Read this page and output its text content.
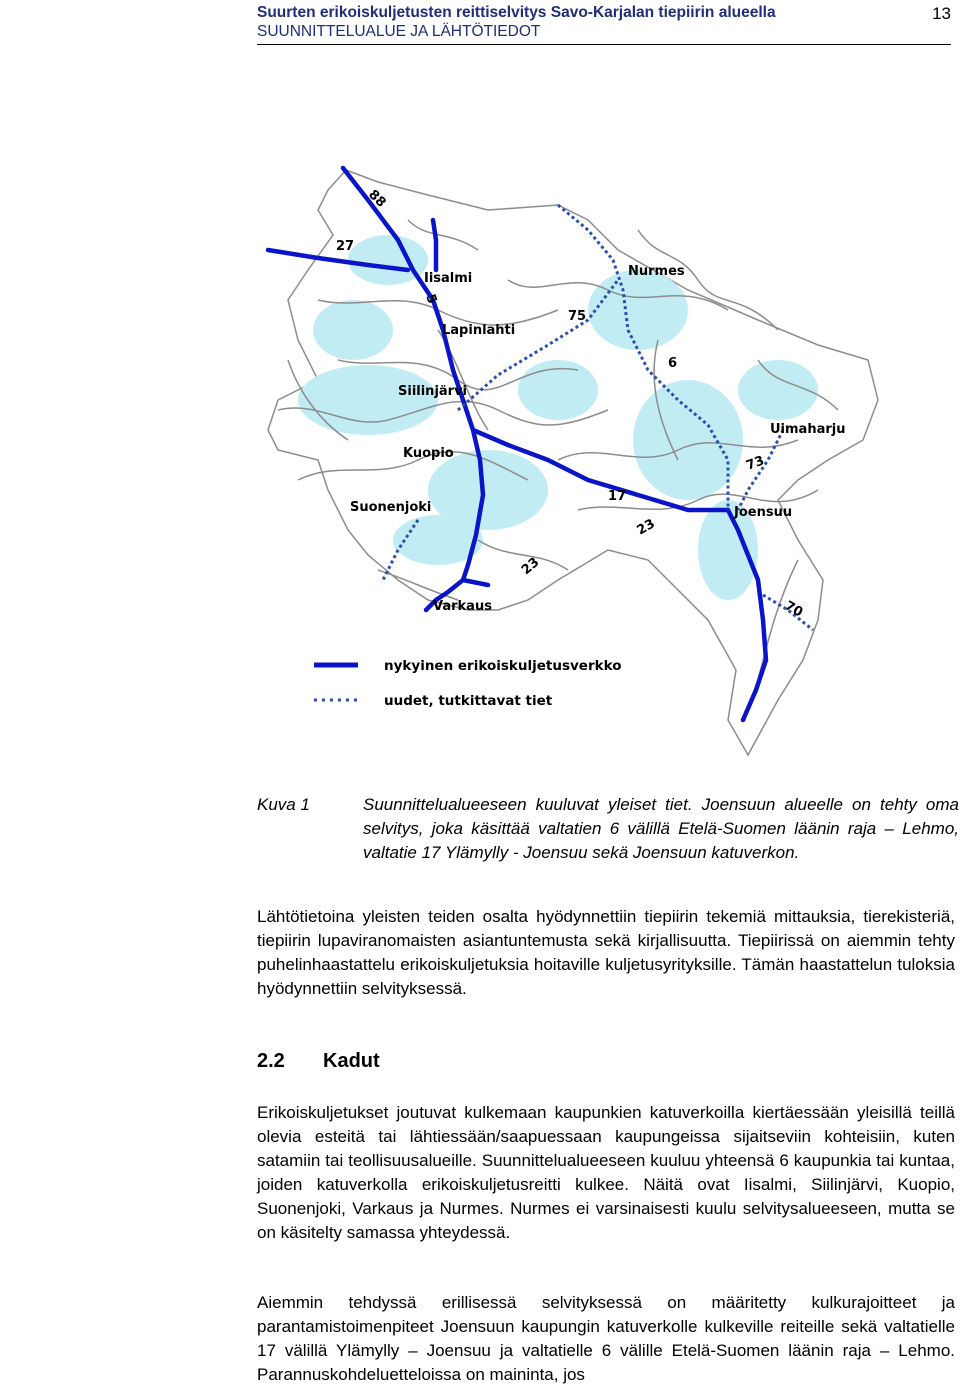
Suurten erikoiskuljetusten reittiselvitys Savo-Karjalan tiepiirin alueella
SUUNNITTELUALUE JA LÄHTÖTIEDOT
13
Iisalmi
Lapinlahti
Siilinjärvi
Kuopio
Suonenjoki
Varkaus
Nurmes
Uimaharju
Joensuu
88
27
5
75
6
73
17
23
23
70
nykyinen erikoiskuljetusverkko
uudet, tutkittavat tiet
Kuva 1	Suunnittelualueeseen kuuluvat yleiset tiet. Joensuun alueelle on tehty oma selvitys, joka käsittää valtatien 6 välillä Etelä-Suomen läänin raja – Lehmo, valtatie 17 Ylämylly - Joensuu sekä Joensuun katuverkon.
Lähtötietoina yleisten teiden osalta hyödynnettiin tiepiirin tekemiä mittauksia, tierekisteriä, tiepiirin lupaviranomaisten asiantuntemusta sekä kirjallisuutta. Tiepiirissä on aiemmin tehty puhelinhaastattelu erikoiskuljetuksia hoitaville kuljetusyrityksille. Tämän haastattelun tuloksia hyödynnettiin selvityksessä.
2.2 Kadut
Erikoiskuljetukset joutuvat kulkemaan kaupunkien katuverkoilla kiertäessään yleisillä teillä olevia esteitä tai lähtiessään/saapuessaan kaupungeissa sijaitseviin kohteisiin, kuten satamiin tai teollisuusalueille. Suunnittelualueeseen kuuluu yhteensä 6 kaupunkia tai kuntaa, joiden katuverkolla erikoiskuljetusreitti kulkee. Näitä ovat Iisalmi, Siilinjärvi, Kuopio, Suonenjoki, Varkaus ja Nurmes. Nurmes ei varsinaisesti kuulu selvitysalueeseen, mutta se on käsitelty samassa yhteydessä.
Aiemmin tehdyssä erillisessä selvityksessä on määritetty kulkurajoitteet ja parantamistoimenpiteet Joensuun kaupungin katuverkolle kulkeville reiteille sekä valtatielle 17 välillä Ylämylly – Joensuu ja valtatielle 6 välille Etelä-Suomen läänin raja – Lehmo. Parannuskohdeluetteloissa on maininta, jos
